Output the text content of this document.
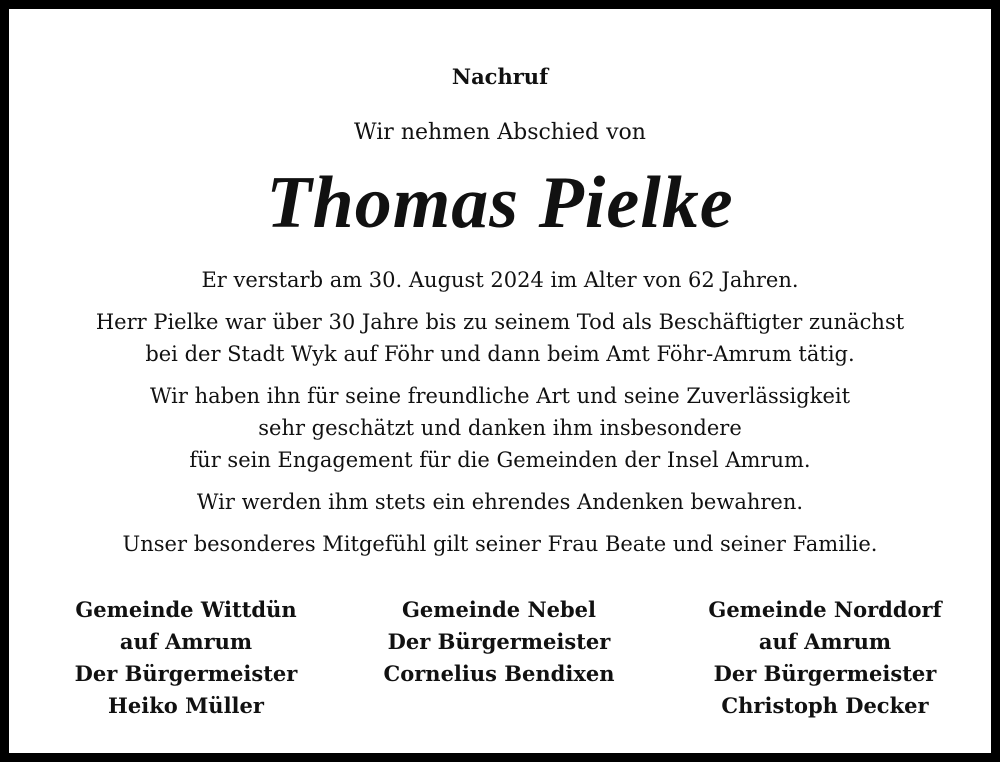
Nachruf
Wir nehmen Abschied von
Thomas Pielke

Er verstarb am 30. August 2024 im Alter von 62 Jahren.

Herr Pielke war über 30 Jahre bis zu seinem Tod als Beschäftigter zunächst
bei der Stadt Wyk auf Föhr und dann beim Amt Föhr-Amrum tätig.

Wir haben ihn für seine freundliche Art und seine Zuverlässigkeit
sehr geschätzt und danken ihm insbesondere
für sein Engagement für die Gemeinden der Insel Amrum.

Wir werden ihm stets ein ehrendes Andenken bewahren.

Unser besonderes Mitgefühl gilt seiner Frau Beate und seiner Familie.

Gemeinde Wittdün
auf Amrum
Der Bürgermeister
Heiko Müller
Gemeinde Nebel
Der Bürgermeister
Cornelius Bendixen
Gemeinde Norddorf
auf Amrum
Der Bürgermeister
Christoph Decker
